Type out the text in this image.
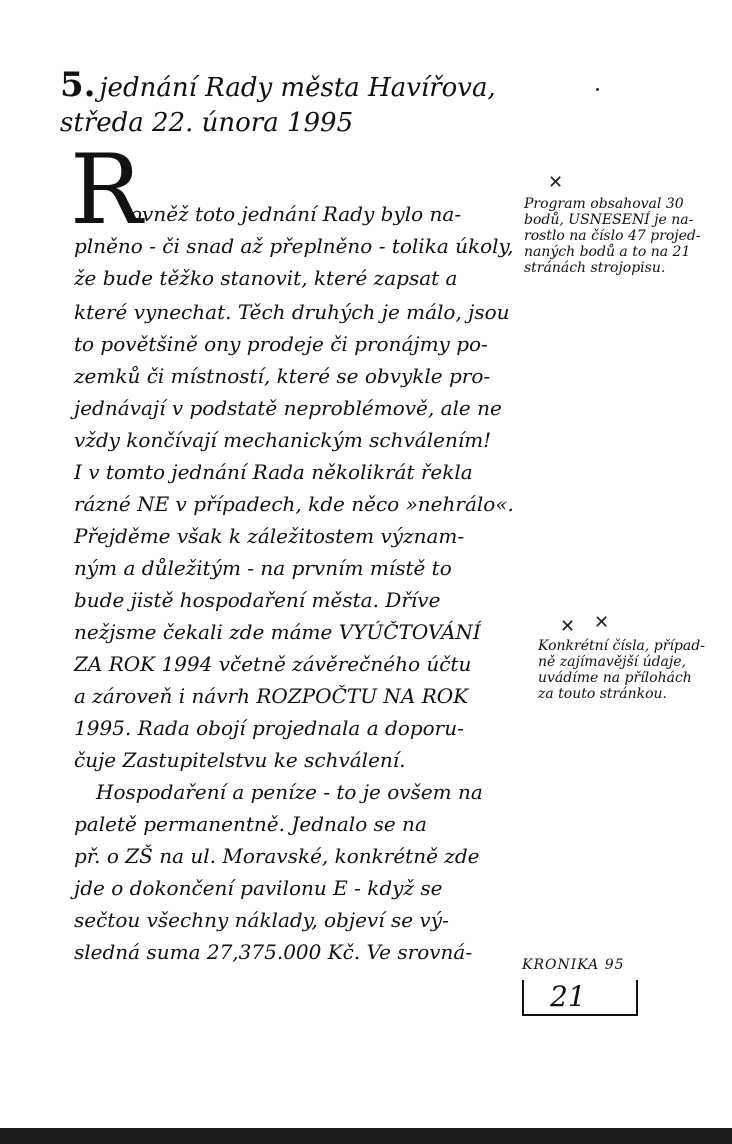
5. jednání Rady města Havířova,
středa 22. února 1995
R
ovněž toto jednání Rady bylo na-
plněno - či snad až přeplněno - tolika úkoly,
že bude těžko stanovit, které zapsat a
které vynechat. Těch druhých je málo, jsou
to povětšině ony prodeje či pronájmy po-
zemků či místností, které se obvykle pro-
jednávají v podstatě neproblémově, ale ne
vždy končívají mechanickým schválením!
I v tomto jednání Rada několikrát řekla
rázné NE v případech, kde něco »nehrálo«.
Přejděme však k záležitostem význam-
ným a důležitým - na prvním místě to
bude jistě hospodaření města. Dříve
nežjsme čekali zde máme VYÚČTOVÁNÍ
ZA ROK 1994 včetně závěrečného účtu
a zároveň i návrh ROZPOČTU NA ROK
1995. Rada obojí projednala a doporu-
čuje Zastupitelstvu ke schválení.
Hospodaření a peníze - to je ovšem na
paletě permanentně. Jednalo se na
př. o ZŠ na ul. Moravské, konkrétně zde
jde o dokončení pavilonu E - když se
sečtou všechny náklady, objeví se vý-
sledná suma 27,375.000 Kč. Ve srovná-
✕
Program obsahoval 30
bodů, USNESENÍ je na-
rostlo na číslo 47 projed-
naných bodů a to na 21
stránách strojopisu.
✕ ✕
Konkrétní čísla, případ-
ně zajímavější údaje,
uvádíme na přílohách
za touto stránkou.
KRONIKA 95
21
